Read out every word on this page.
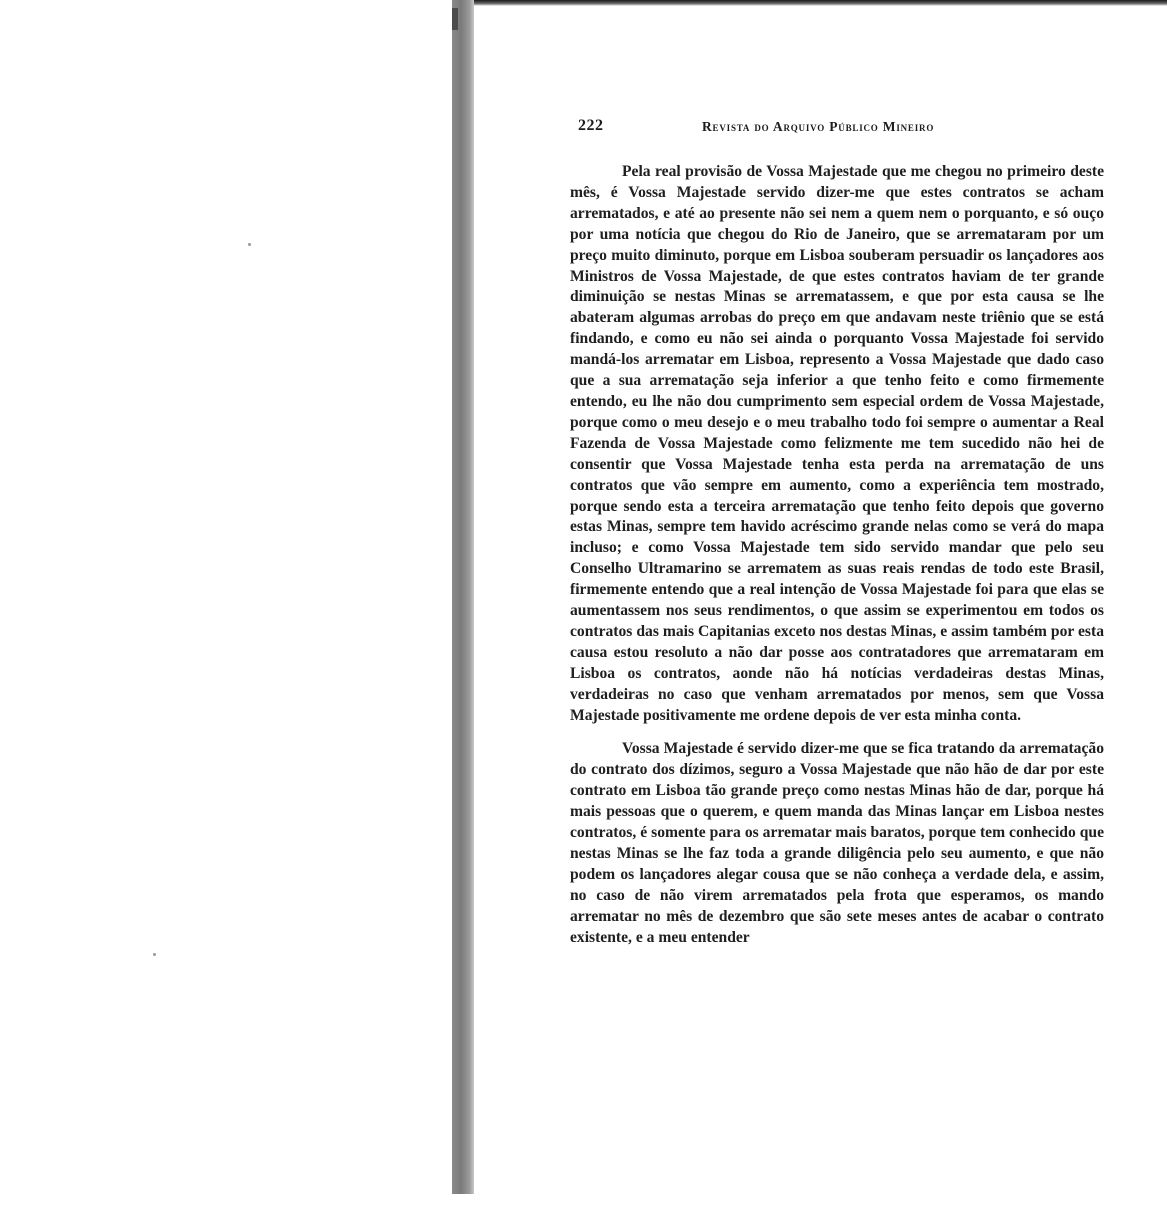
222	Revista do Arquivo Público Mineiro

Pela real provisão de Vossa Majestade que me chegou no primeiro deste mês, é Vossa Majestade servido dizer-me que estes contratos se acham arrematados, e até ao presente não sei nem a quem nem o porquanto, e só ouço por uma notícia que chegou do Rio de Janeiro, que se arremataram por um preço muito diminuto, porque em Lisboa souberam persuadir os lançadores aos Ministros de Vossa Majestade, de que estes contratos haviam de ter grande diminuição se nestas Minas se arrematassem, e que por esta causa se lhe abateram algumas arrobas do preço em que andavam neste triênio que se está findando, e como eu não sei ainda o porquanto Vossa Majestade foi servido mandá-los arrematar em Lisboa, represento a Vossa Majestade que dado caso que a sua arrematação seja inferior a que tenho feito e como firmemente entendo, eu lhe não dou cumprimento sem especial ordem de Vossa Majestade, porque como o meu desejo e o meu trabalho todo foi sempre o aumentar a Real Fazenda de Vossa Majestade como felizmente me tem sucedido não hei de consentir que Vossa Majestade tenha esta perda na arrematação de uns contratos que vão sempre em aumento, como a experiência tem mostrado, porque sendo esta a terceira arrematação que tenho feito depois que governo estas Minas, sempre tem havido acréscimo grande nelas como se verá do mapa incluso; e como Vossa Majestade tem sido servido mandar que pelo seu Conselho Ultramarino se arrematem as suas reais rendas de todo este Brasil, firmemente entendo que a real intenção de Vossa Majestade foi para que elas se aumentassem nos seus rendimentos, o que assim se experimentou em todos os contratos das mais Capitanias exceto nos destas Minas, e assim também por esta causa estou resoluto a não dar posse aos contratadores que arremataram em Lisboa os contratos, aonde não há notícias verdadeiras destas Minas, verdadeiras no caso que venham arrematados por menos, sem que Vossa Majestade positivamente me ordene depois de ver esta minha conta.

Vossa Majestade é servido dizer-me que se fica tratando da arrematação do contrato dos dízimos, seguro a Vossa Majestade que não hão de dar por este contrato em Lisboa tão grande preço como nestas Minas hão de dar, porque há mais pessoas que o querem, e quem manda das Minas lançar em Lisboa nestes contratos, é somente para os arrematar mais baratos, porque tem conhecido que nestas Minas se lhe faz toda a grande diligência pelo seu aumento, e que não podem os lançadores alegar cousa que se não conheça a verdade dela, e assim, no caso de não virem arrematados pela frota que esperamos, os mando arrematar no mês de dezembro que são sete meses antes de acabar o contrato existente, e a meu entender
